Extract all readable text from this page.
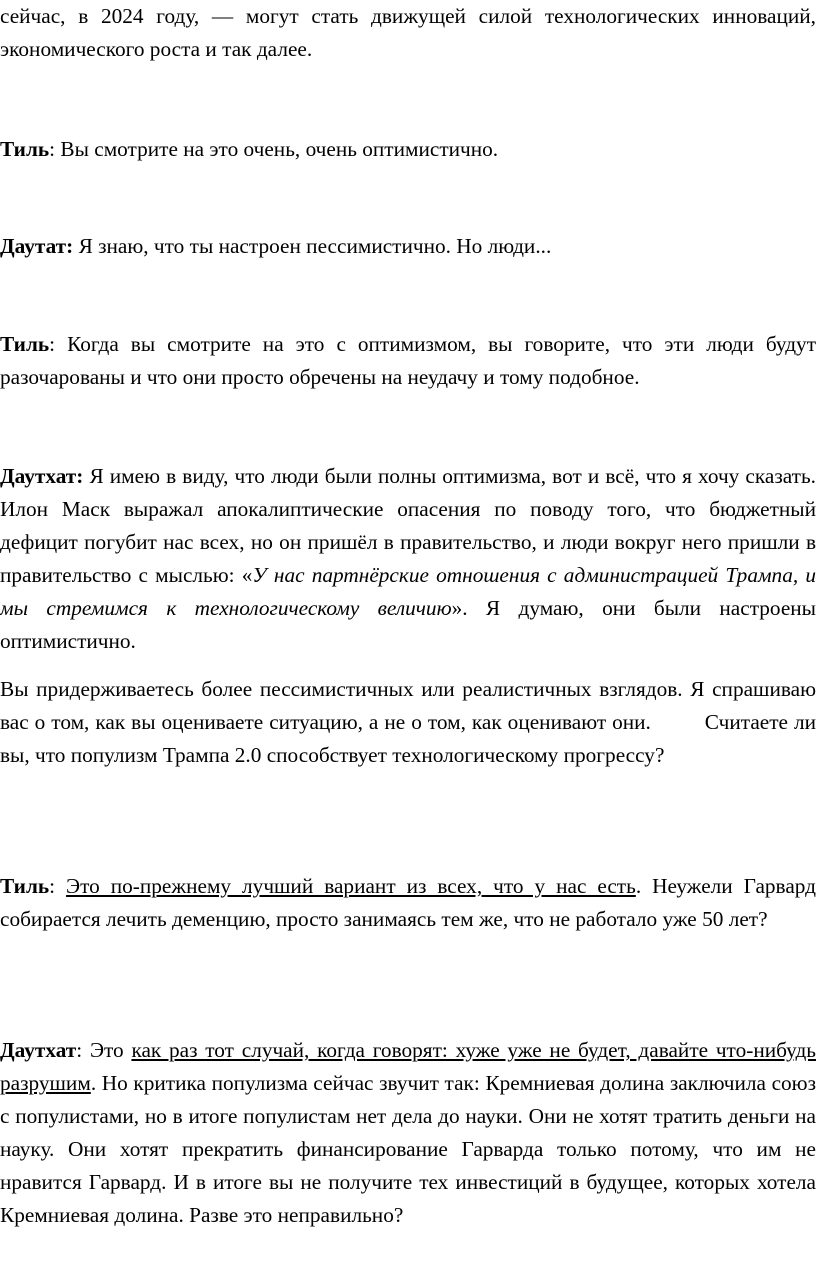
сейчас, в 2024 году, — могут стать движущей силой технологических инноваций, экономического роста и так далее.

Тиль: Вы смотрите на это очень, очень оптимистично.

Даутат: Я знаю, что ты настроен пессимистично. Но люди...

Тиль: Когда вы смотрите на это с оптимизмом, вы говорите, что эти люди будут разочарованы и что они просто обречены на неудачу и тому подобное.

Даутхат: Я имею в виду, что люди были полны оптимизма, вот и всё, что я хочу сказать. Илон Маск выражал апокалиптические опасения по поводу того, что бюджетный дефицит погубит нас всех, но он пришёл в правительство, и люди вокруг него пришли в правительство с мыслью: «У нас партнёрские отношения с администрацией Трампа, и мы стремимся к технологическому величию». Я думаю, они были настроены оптимистично.

Вы придерживаетесь более пессимистичных или реалистичных взглядов. Я спрашиваю вас о том, как вы оцениваете ситуацию, а не о том, как оценивают они.         Считаете ли вы, что популизм Трампа 2.0 способствует технологическому прогрессу?

Тиль: Это по-прежнему лучший вариант из всех, что у нас есть. Неужели Гарвард собирается лечить деменцию, просто занимаясь тем же, что не работало уже 50 лет?

Даутхат: Это как раз тот случай, когда говорят: хуже уже не будет, давайте что-нибудь разрушим. Но критика популизма сейчас звучит так: Кремниевая долина заключила союз с популистами, но в итоге популистам нет дела до науки. Они не хотят тратить деньги на науку. Они хотят прекратить финансирование Гарварда только потому, что им не нравится Гарвард. И в итоге вы не получите тех инвестиций в будущее, которых хотела Кремниевая долина. Разве это неправильно?
